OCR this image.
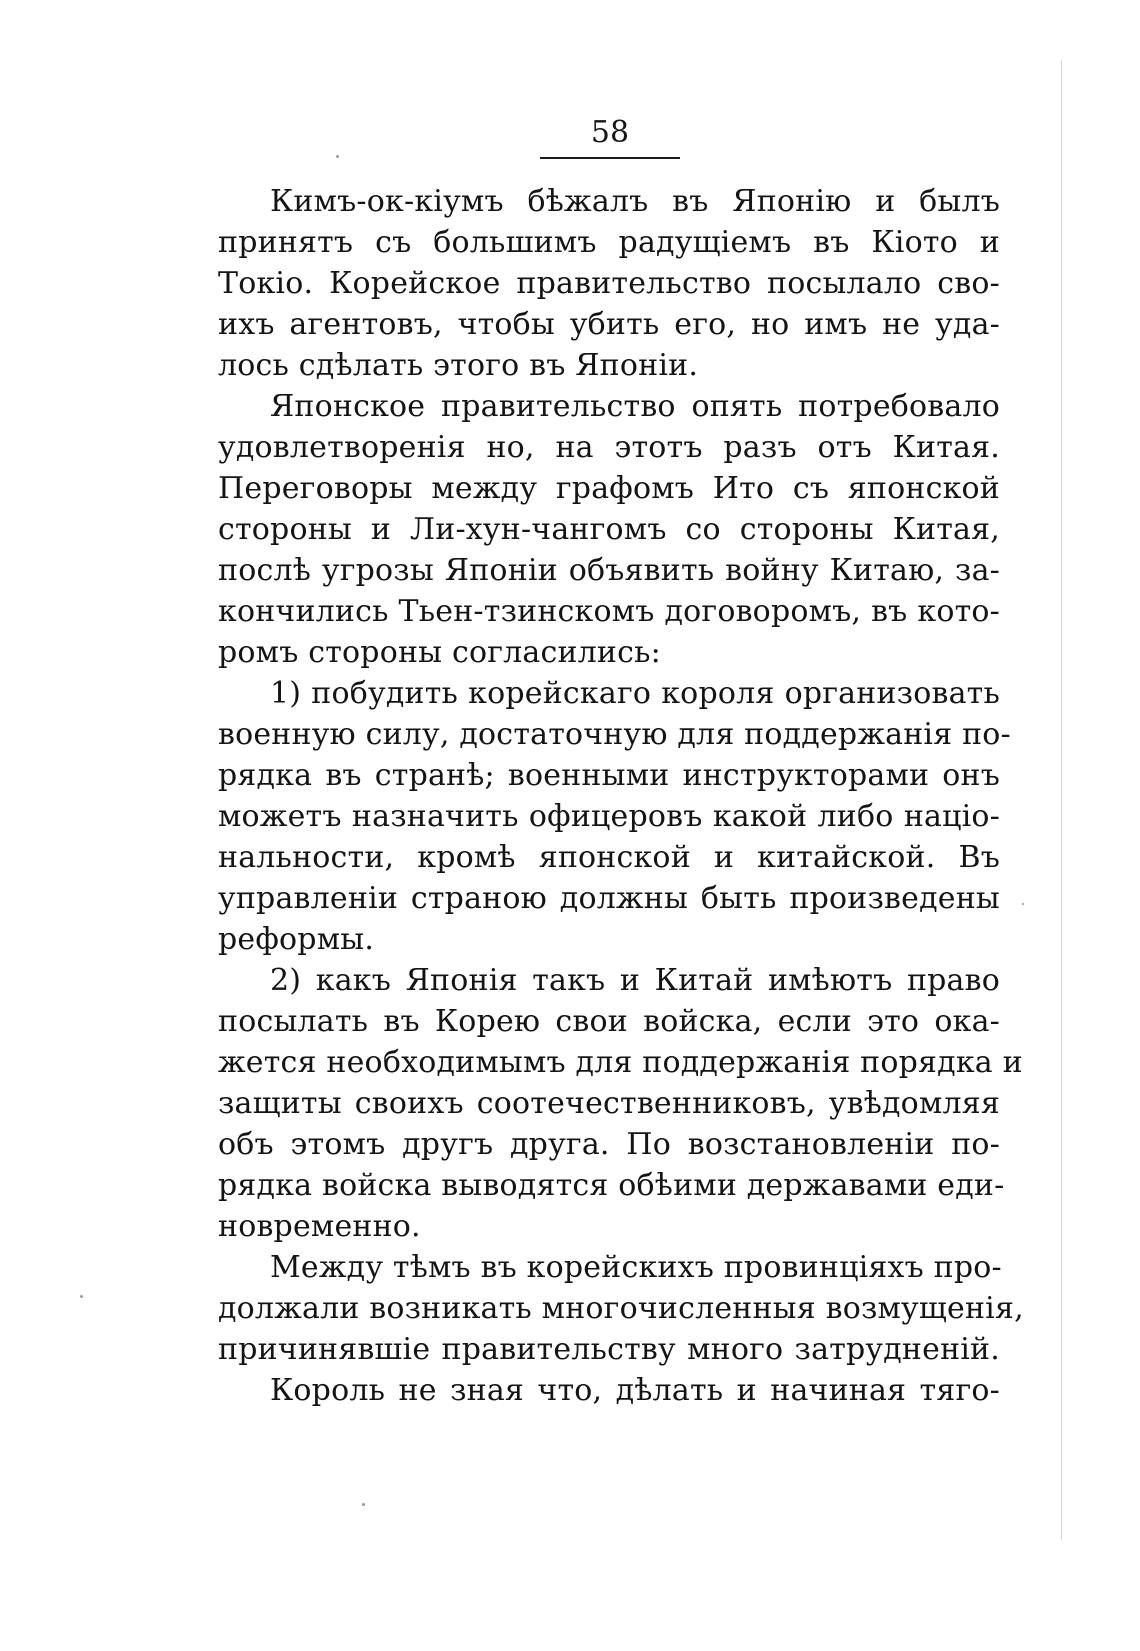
58
Кимъ-ок-кіумъ бѣжалъ въ Японію и былъ
принятъ съ большимъ радущіемъ въ Кіото и
Токіо. Корейское правительство посылало сво-
ихъ агентовъ, чтобы убить его, но имъ не уда-
лось сдѣлать этого въ Японіи.
Японское правительство опять потребовало
удовлетворенія но, на этотъ разъ отъ Китая.
Переговоры между графомъ Ито съ японской
стороны и Ли-хун-чангомъ со стороны Китая,
послѣ угрозы Японіи объявить войну Китаю, за-
кончились Тьен-тзинскомъ договоромъ, въ кото-
ромъ стороны согласились:
1) побудить корейскаго короля организовать
военную силу, достаточную для поддержанія по-
рядка въ странѣ; военными инструкторами онъ
можетъ назначить офицеровъ какой либо націо-
нальности, кромѣ японской и китайской. Въ
управленіи страною должны быть произведены
реформы.
2) какъ Японія такъ и Китай имѣютъ право
посылать въ Корею свои войска, если это ока-
жется необходимымъ для поддержанія порядка и
защиты своихъ соотечественниковъ, увѣдомляя
объ этомъ другъ друга. По возстановленіи по-
рядка войска выводятся обѣими державами еди-
новременно.
Между тѣмъ въ корейскихъ провинціяхъ про-
должали возникать многочисленныя возмущенія,
причинявшіе правительству много затрудненій.
Король не зная что, дѣлать и начиная тяго-
